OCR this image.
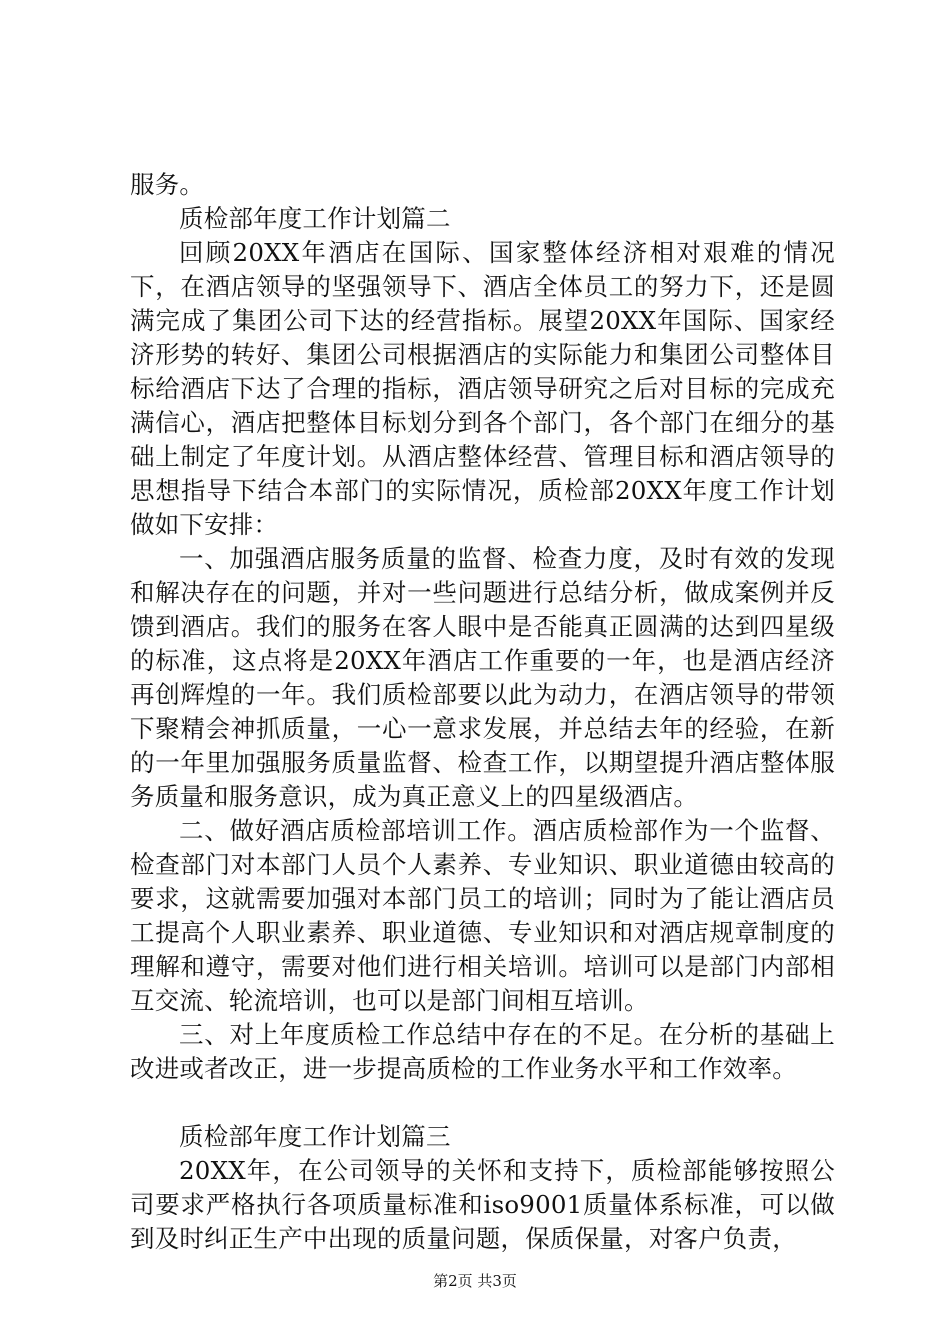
服务。

质检部年度工作计划篇二

回顾20XX年酒店在国际、国家整体经济相对艰难的情况下，在酒店领导的坚强领导下、酒店全体员工的努力下，还是圆满完成了集团公司下达的经营指标。展望20XX年国际、国家经济形势的转好、集团公司根据酒店的实际能力和集团公司整体目标给酒店下达了合理的指标，酒店领导研究之后对目标的完成充满信心，酒店把整体目标划分到各个部门，各个部门在细分的基础上制定了年度计划。从酒店整体经营、管理目标和酒店领导的思想指导下结合本部门的实际情况，质检部20XX年度工作计划做如下安排：

一、加强酒店服务质量的监督、检查力度，及时有效的发现和解决存在的问题，并对一些问题进行总结分析，做成案例并反馈到酒店。我们的服务在客人眼中是否能真正圆满的达到四星级的标准，这点将是20XX年酒店工作重要的一年，也是酒店经济再创辉煌的一年。我们质检部要以此为动力，在酒店领导的带领下聚精会神抓质量，一心一意求发展，并总结去年的经验，在新的一年里加强服务质量监督、检查工作，以期望提升酒店整体服务质量和服务意识，成为真正意义上的四星级酒店。

二、做好酒店质检部培训工作。酒店质检部作为一个监督、检查部门对本部门人员个人素养、专业知识、职业道德由较高的要求，这就需要加强对本部门员工的培训；同时为了能让酒店员工提高个人职业素养、职业道德、专业知识和对酒店规章制度的理解和遵守，需要对他们进行相关培训。培训可以是部门内部相互交流、轮流培训，也可以是部门间相互培训。

三、对上年度质检工作总结中存在的不足。在分析的基础上改进或者改正，进一步提高质检的工作业务水平和工作效率。

质检部年度工作计划篇三

20XX年，在公司领导的关怀和支持下，质检部能够按照公司要求严格执行各项质量标准和iso9001质量体系标准，可以做到及时纠正生产中出现的质量问题，保质保量，对客户负责，

第2页 共3页
